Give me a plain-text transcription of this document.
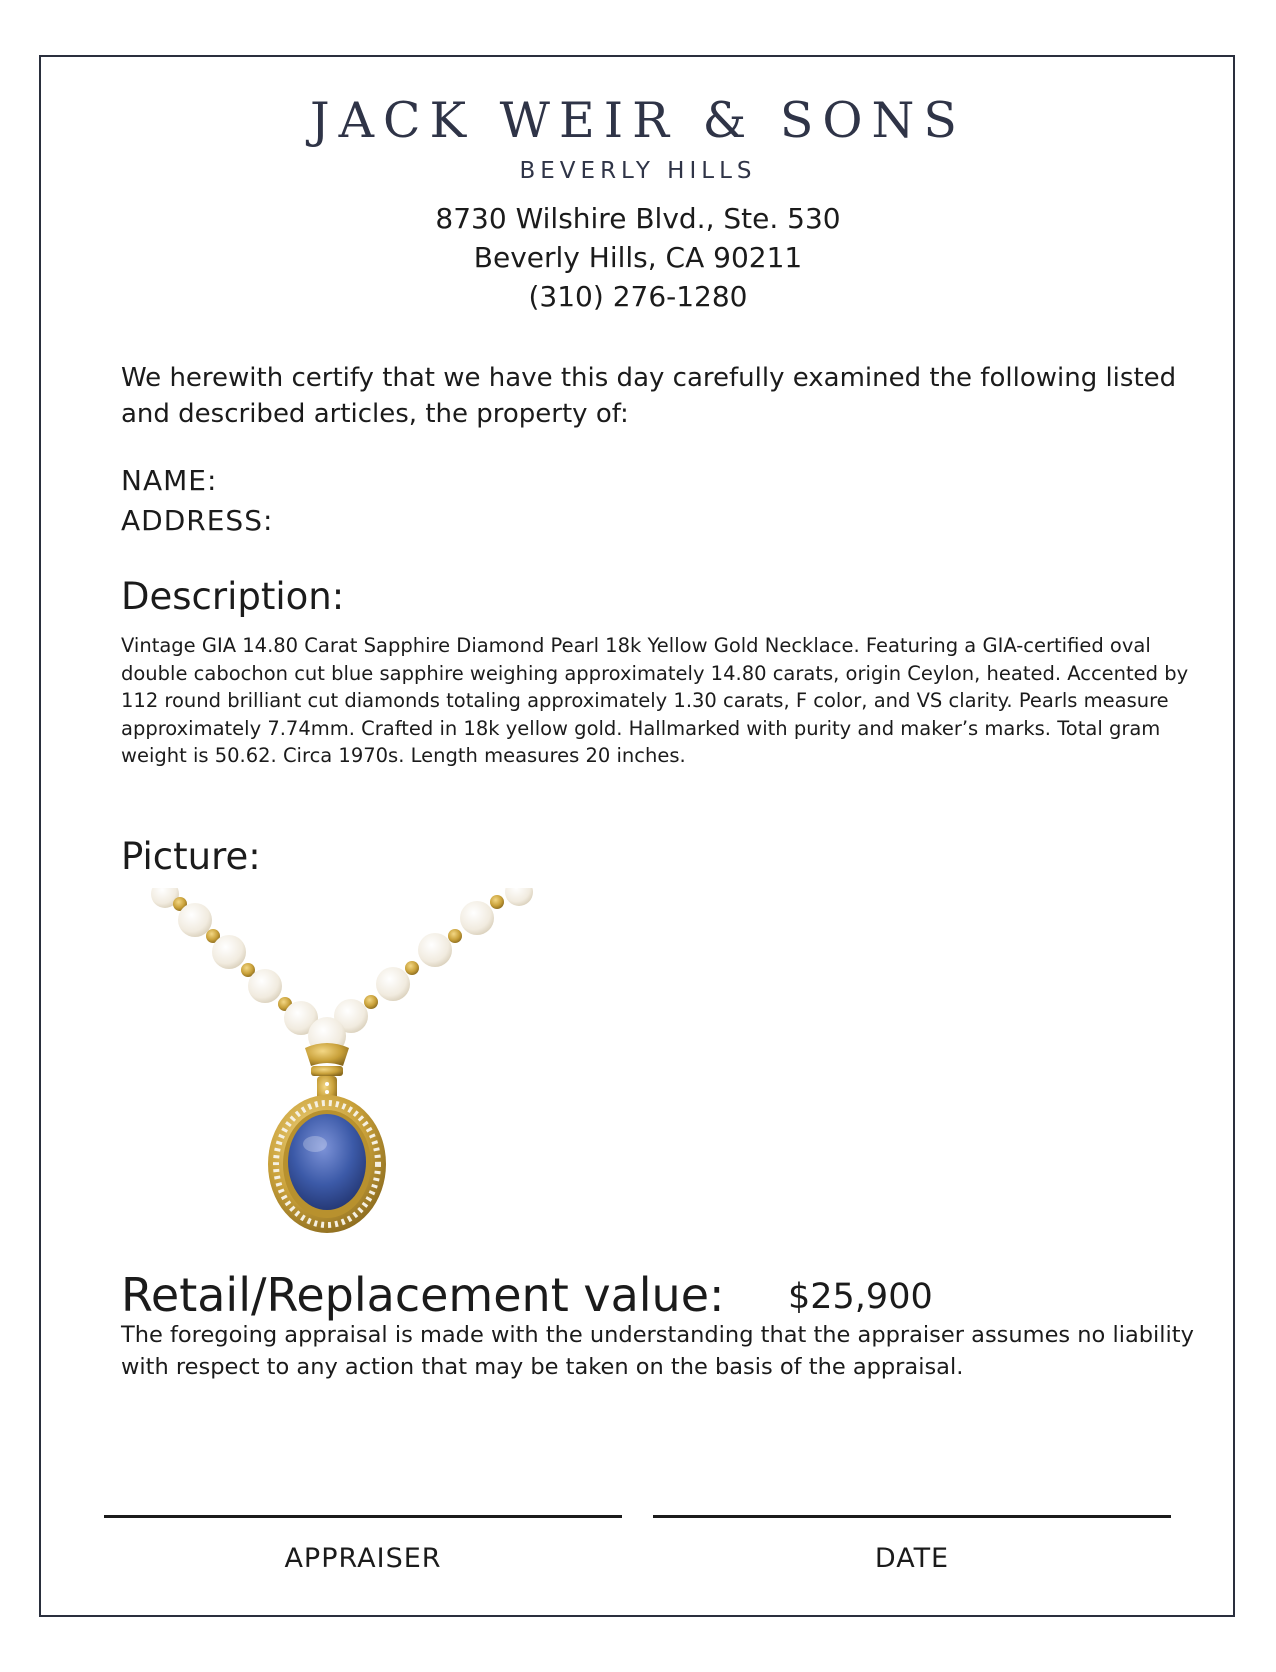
JACK WEIR & SONS
BEVERLY HILLS
8730 Wilshire Blvd., Ste. 530
Beverly Hills, CA 90211
(310) 276-1280
We herewith certify that we have this day carefully examined the following listed and described articles, the property of:
NAME:
ADDRESS:
Description:
Vintage GIA 14.80 Carat Sapphire Diamond Pearl 18k Yellow Gold Necklace. Featuring a GIA-certified oval double cabochon cut blue sapphire weighing approximately 14.80 carats, origin Ceylon, heated. Accented by 112 round brilliant cut diamonds totaling approximately 1.30 carats, F color, and VS clarity. Pearls measure approximately 7.74mm. Crafted in 18k yellow gold. Hallmarked with purity and maker’s marks. Total gram weight is 50.62. Circa 1970s. Length measures 20 inches.
Picture:
Retail/Replacement value: $25,900
The foregoing appraisal is made with the understanding that the appraiser assumes no liability with respect to any action that may be taken on the basis of the appraisal.
APPRAISER	DATE
